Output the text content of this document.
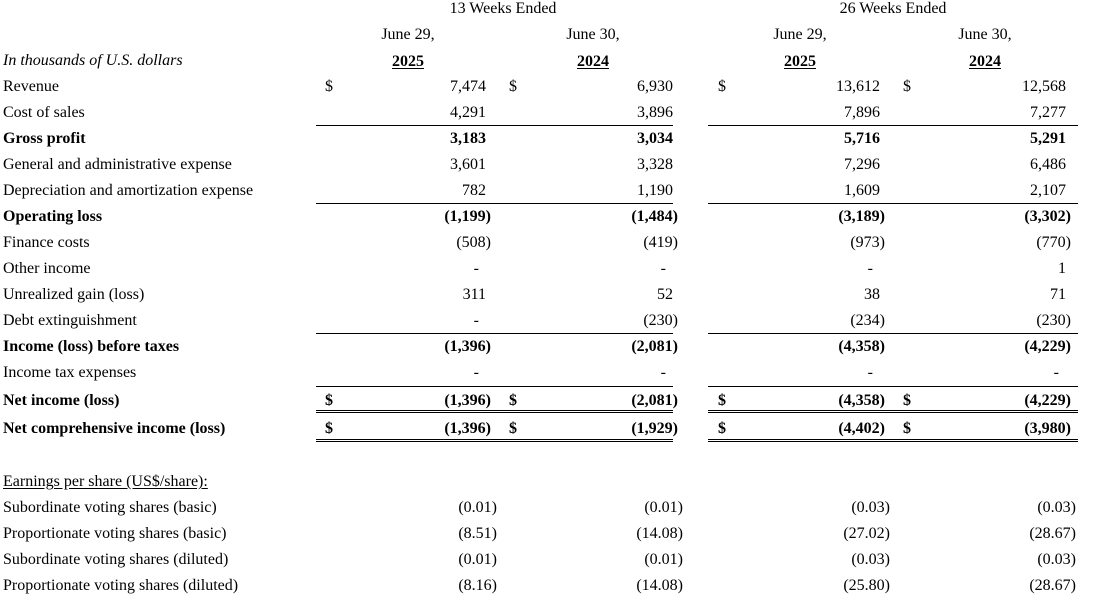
13 Weeks Ended	26 Weeks Ended
June 29,	June 30,	June 29,	June 30,
In thousands of U.S. dollars	2025	2024	2025	2024
Revenue	$	7,474 $	6,930	$	13,612 $	12,568
Cost of sales	4,291	3,896	7,896	7,277
Gross profit	3,183	3,034	5,716	5,291
General and administrative expense	3,601	3,328	7,296	6,486
Depreciation and amortization expense	782	1,190	1,609	2,107
Operating loss	(1,199)	(1,484)	(3,189)	(3,302)
Finance costs	(508)	(419)	(973)	(770)
Other income	-	-	-	1
Unrealized gain (loss)	311	52	38	71
Debt extinguishment	-	(230)	(234)	(230)
Income (loss) before taxes	(1,396)	(2,081)	(4,358)	(4,229)
Income tax expenses	-	-	-	-
Net income (loss)	$	(1,396) $	(2,081)	$	(4,358) $	(4,229)
Net comprehensive income (loss)	$	(1,396) $	(1,929)	$	(4,402) $	(3,980)
Earnings per share (US$/share):
Subordinate voting shares (basic)	(0.01)	(0.01)	(0.03)	(0.03)
Proportionate voting shares (basic)	(8.51)	(14.08)	(27.02)	(28.67)
Subordinate voting shares (diluted)	(0.01)	(0.01)	(0.03)	(0.03)
Proportionate voting shares (diluted)	(8.16)	(14.08)	(25.80)	(28.67)
